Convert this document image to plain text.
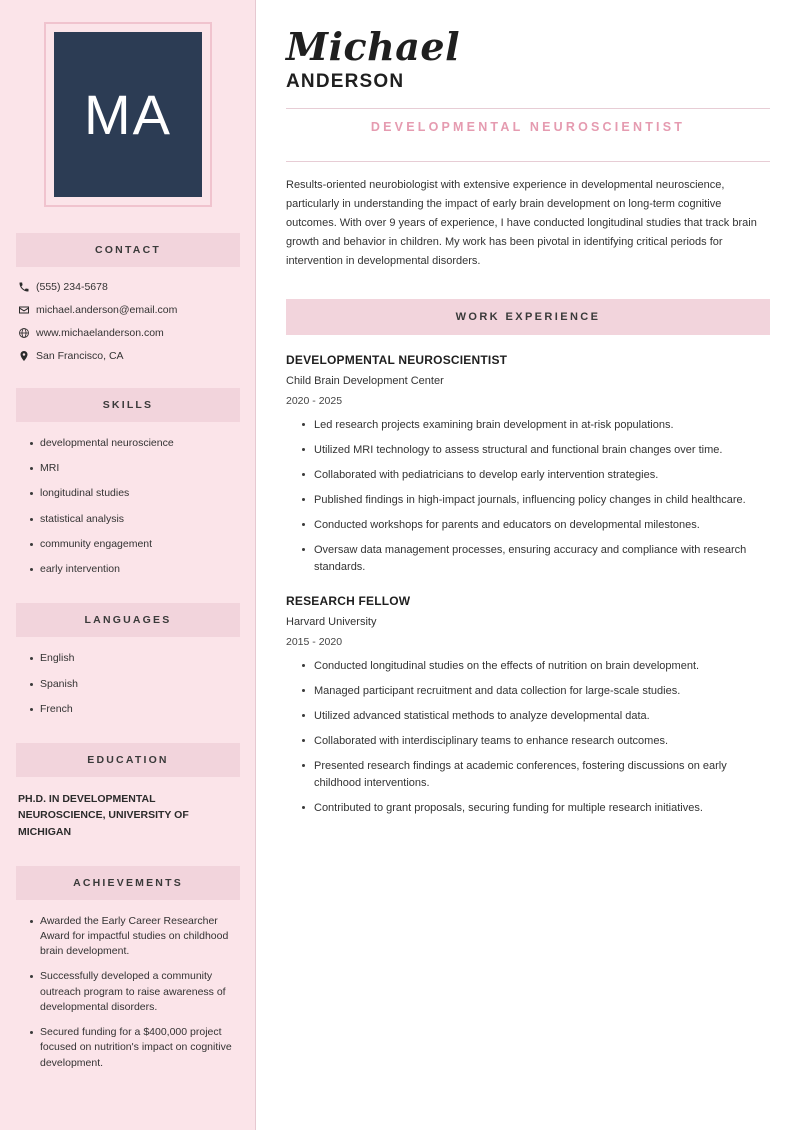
MA
CONTACT
(555) 234-5678
michael.anderson@email.com
www.michaelanderson.com
San Francisco, CA
SKILLS
developmental neuroscience
MRI
longitudinal studies
statistical analysis
community engagement
early intervention
LANGUAGES
English
Spanish
French
EDUCATION
PH.D. IN DEVELOPMENTAL NEUROSCIENCE, UNIVERSITY OF MICHIGAN
ACHIEVEMENTS
Awarded the Early Career Researcher Award for impactful studies on childhood brain development.
Successfully developed a community outreach program to raise awareness of developmental disorders.
Secured funding for a $400,000 project focused on nutrition's impact on cognitive development.
Michael
ANDERSON
DEVELOPMENTAL NEUROSCIENTIST

Results-oriented neurobiologist with extensive experience in developmental neuroscience, particularly in understanding the impact of early brain development on long-term cognitive outcomes. With over 9 years of experience, I have conducted longitudinal studies that track brain growth and behavior in children. My work has been pivotal in identifying critical periods for intervention in developmental disorders.

WORK EXPERIENCE
DEVELOPMENTAL NEUROSCIENTIST
Child Brain Development Center
2020 - 2025
Led research projects examining brain development in at-risk populations.
Utilized MRI technology to assess structural and functional brain changes over time.
Collaborated with pediatricians to develop early intervention strategies.
Published findings in high-impact journals, influencing policy changes in child healthcare.
Conducted workshops for parents and educators on developmental milestones.
Oversaw data management processes, ensuring accuracy and compliance with research standards.
RESEARCH FELLOW
Harvard University
2015 - 2020
Conducted longitudinal studies on the effects of nutrition on brain development.
Managed participant recruitment and data collection for large-scale studies.
Utilized advanced statistical methods to analyze developmental data.
Collaborated with interdisciplinary teams to enhance research outcomes.
Presented research findings at academic conferences, fostering discussions on early childhood interventions.
Contributed to grant proposals, securing funding for multiple research initiatives.
